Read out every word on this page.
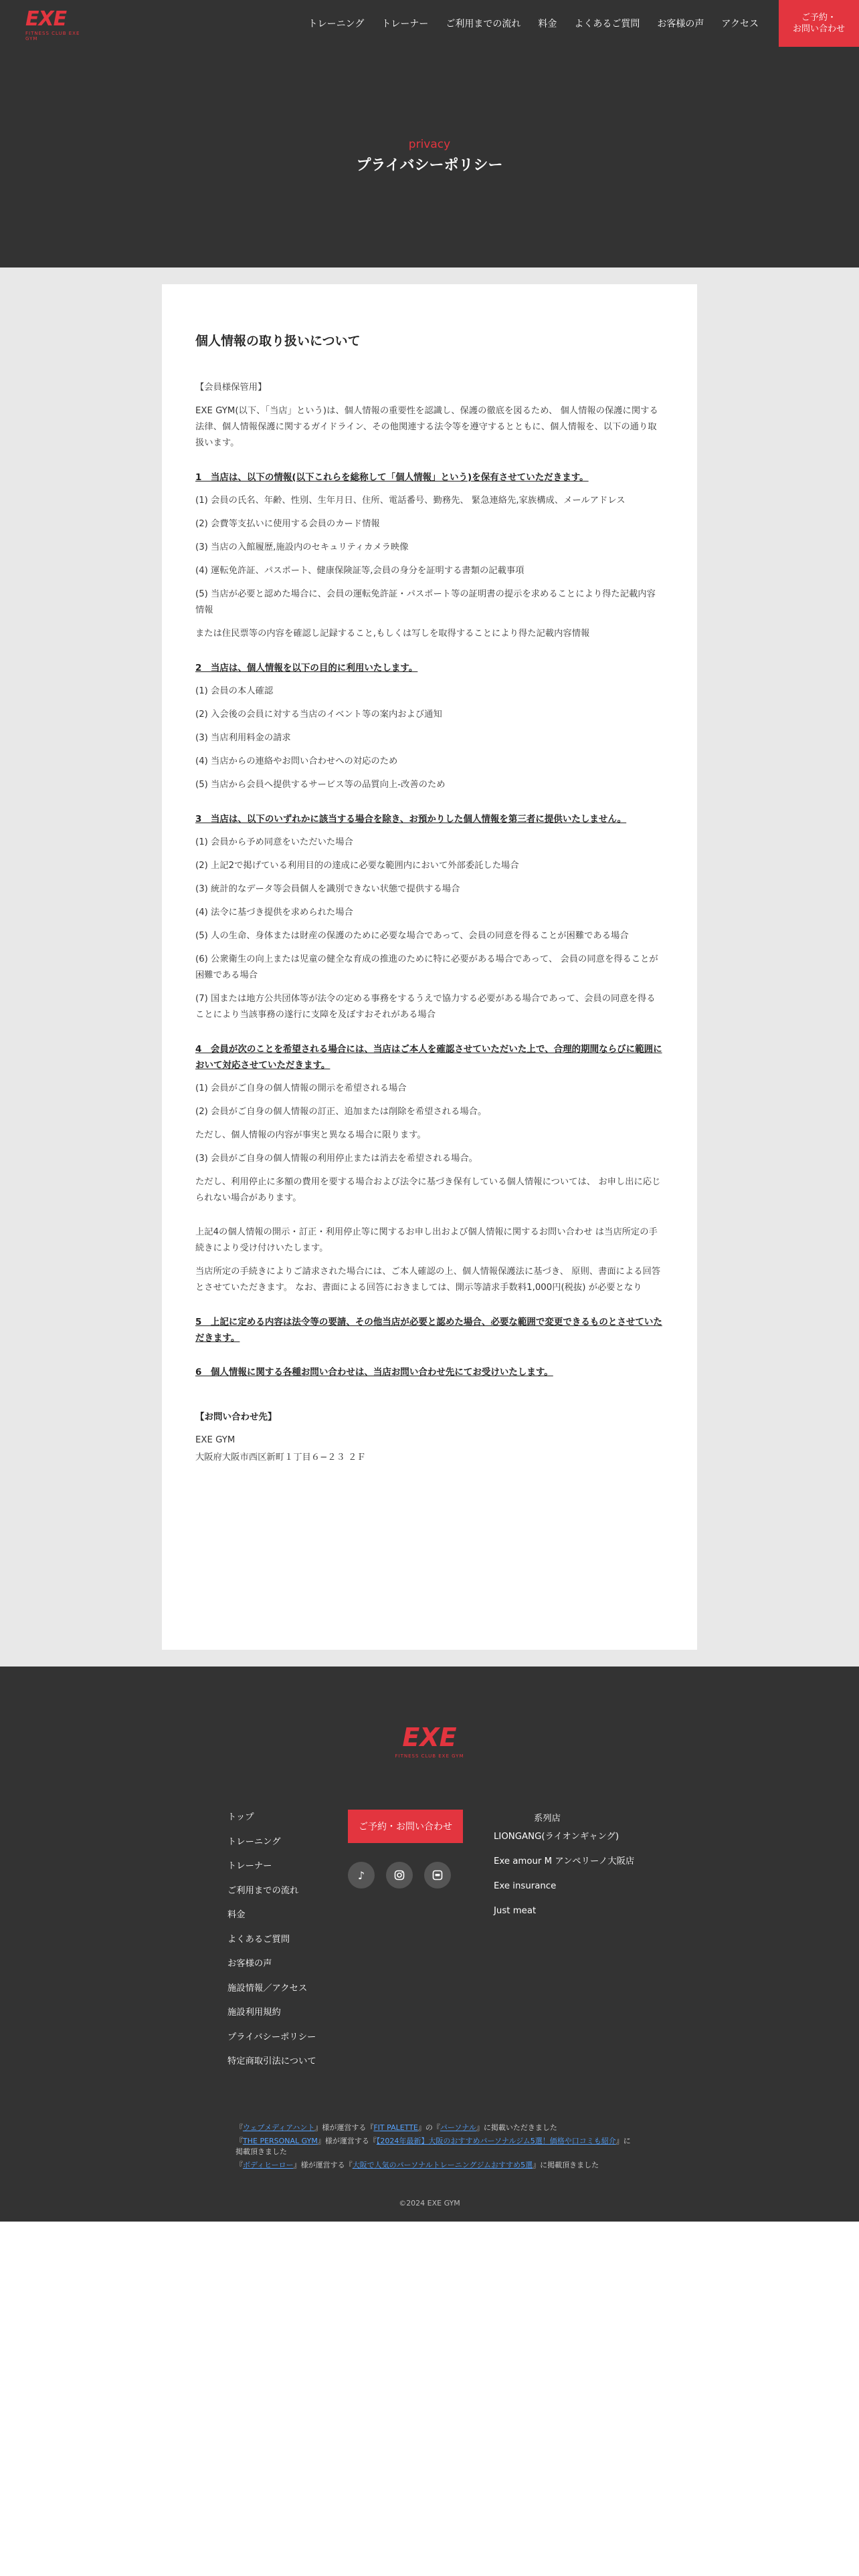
EXE
FITNESS CLUB EXE GYM
トレーニング トレーナー ご利用までの流れ 料金 よくあるご質問 お客様の声 アクセス
ご予約・
お問い合わせ
privacy
プライバシーポリシー
個人情報の取り扱いについて
【会員様保管用】
EXE GYM(以下、「当店」という)は、個人情報の重要性を認識し、保護の徹底を図るため、 個人情報の保護に関する法律、個人情報保護に関するガイドライン、その他関連する法令等を遵守するとともに、個人情報を、以下の通り取扱います。
1　当店は、以下の情報(以下これらを総称して「個人情報」という)を保有させていただきます。
(1) 会員の氏名、年齢、性別、生年月日、住所、電話番号、勤務先、 緊急連絡先,家族構成、メールアドレス
(2) 会費等支払いに使用する会員のカード情報
(3) 当店の入館履歴,施設内のセキュリティカメラ映像
(4) 運転免許証、パスポート、健康保険証等,会員の身分を証明する書類の記載事項
(5) 当店が必要と認めた場合に、会員の運転免許証・パスポート等の証明書の提示を求めることにより得た記載内容情報
または住民票等の内容を確認し記録すること,もしくは写しを取得することにより得た記載内容情報
2　当店は、個人情報を以下の目的に利用いたします。
(1) 会員の本人確認
(2) 入会後の会員に対する当店のイベント等の案内および通知
(3) 当店利用料金の請求
(4) 当店からの連絡やお問い合わせへの対応のため
(5) 当店から会員へ提供するサービス等の品質向上‐改善のため
3　当店は、以下のいずれかに該当する場合を除き、お預かりした個人情報を第三者に提供いたしません。
(1) 会員から予め同意をいただいた場合
(2) 上記2で掲げている利用目的の達成に必要な範囲内において外部委託した場合
(3) 統計的なデータ等会員個人を識別できない状態で提供する場合
(4) 法令に基づき提供を求められた場合
(5) 人の生命、身体または財産の保護のために必要な場合であって、会員の同意を得ることが困難である場合
(6) 公衆衛生の向上または児童の健全な育成の推進のために特に必要がある場合であって、 会員の同意を得ることが困難である場合
(7) 国または地方公共団体等が法令の定める事務をするうえで協力する必要がある場合であって、会員の同意を得ることにより当該事務の遂行に支障を及ぼすおそれがある場合
4　会員が次のことを希望される場合には、当店はご本人を確認させていただいた上で、合理的期間ならびに範囲において対応させていただきます。
(1) 会員がご自身の個人情報の開示を希望される場合
(2) 会員がご自身の個人情報の訂正、追加または削除を希望される場合。
ただし、個人情報の内容が事実と異なる場合に限ります。
(3) 会員がご自身の個人情報の利用停止または消去を希望される場合。
ただし、利用停止に多額の費用を要する場合および法令に基づき保有している個人情報については、 お申し出に応じられない場合があります。
上記4の個人情報の開示・訂正・利用停止等に関するお申し出および個人情報に関するお問い合わせ は当店所定の手続きにより受け付けいたします。
当店所定の手続きによりご請求された場合には、ご本人確認の上、個人情報保護法に基づき、 原則、書面による回答とさせていただきます。 なお、書面による回答におきましては、開示等請求手数料1,000円(税抜) が必要となり
5　上記に定める内容は法令等の要請、その他当店が必要と認めた場合、必要な範囲で変更できるものとさせていただきます。
6　個人情報に関する各種お問い合わせは、当店お問い合わせ先にてお受けいたします。
【お問い合わせ先】
EXE GYM
大阪府大阪市西区新町１丁目６−２３ ２Ｆ
EXE
FITNESS CLUB EXE GYM
トップ
トレーニング
トレーナー
ご利用までの流れ
料金
よくあるご質問
お客様の声
施設情報／アクセス
施設利用規約
プライバシーポリシー
特定商取引法について
ご予約・お問い合わせ
♪
系列店
LIONGANG(ライオンギャング)
Exe amour M アンペリーノ大阪店
Exe insurance
Just meat

『ウェブメディアハント』様が運営する『FIT PALETTE』の『パーソナル』に掲載いただきました

『THE PERSONAL GYM』様が運営する『【2024年最新】大阪のおすすめパーソナルジム5選！価格や口コミも紹介』に掲載頂きました

『ボディヒーロー』様が運営する『大阪で人気のパーソナルトレーニングジムおすすめ5選』に掲載頂きました

©2024 EXE GYM
